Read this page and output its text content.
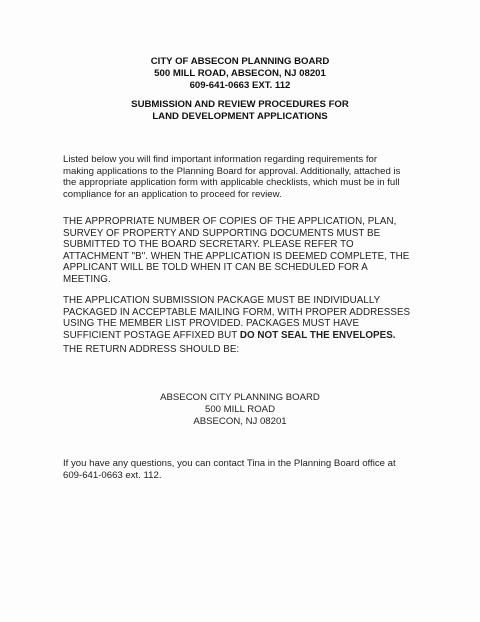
CITY OF ABSECON PLANNING BOARD
500 MILL ROAD, ABSECON, NJ 08201
609-641-0663 EXT. 112
SUBMISSION AND REVIEW PROCEDURES FOR
LAND DEVELOPMENT APPLICATIONS
Listed below you will find important information regarding requirements for
making applications to the Planning Board for approval. Additionally, attached is
the appropriate application form with applicable checklists, which must be in full
compliance for an application to proceed for review.
THE APPROPRIATE NUMBER OF COPIES OF THE APPLICATION, PLAN,
SURVEY OF PROPERTY AND SUPPORTING DOCUMENTS MUST BE
SUBMITTED TO THE BOARD SECRETARY. PLEASE REFER TO
ATTACHMENT "B". WHEN THE APPLICATION IS DEEMED COMPLETE, THE
APPLICANT WILL BE TOLD WHEN IT CAN BE SCHEDULED FOR A
MEETING.
THE APPLICATION SUBMISSION PACKAGE MUST BE INDIVIDUALLY
PACKAGED IN ACCEPTABLE MAILING FORM, WITH PROPER ADDRESSES
USING THE MEMBER LIST PROVIDED. PACKAGES MUST HAVE
SUFFICIENT POSTAGE AFFIXED BUT DO NOT SEAL THE ENVELOPES.
THE RETURN ADDRESS SHOULD BE:
ABSECON CITY PLANNING BOARD
500 MILL ROAD
ABSECON, NJ 08201
If you have any questions, you can contact Tina in the Planning Board office at
609-641-0663 ext. 112.
